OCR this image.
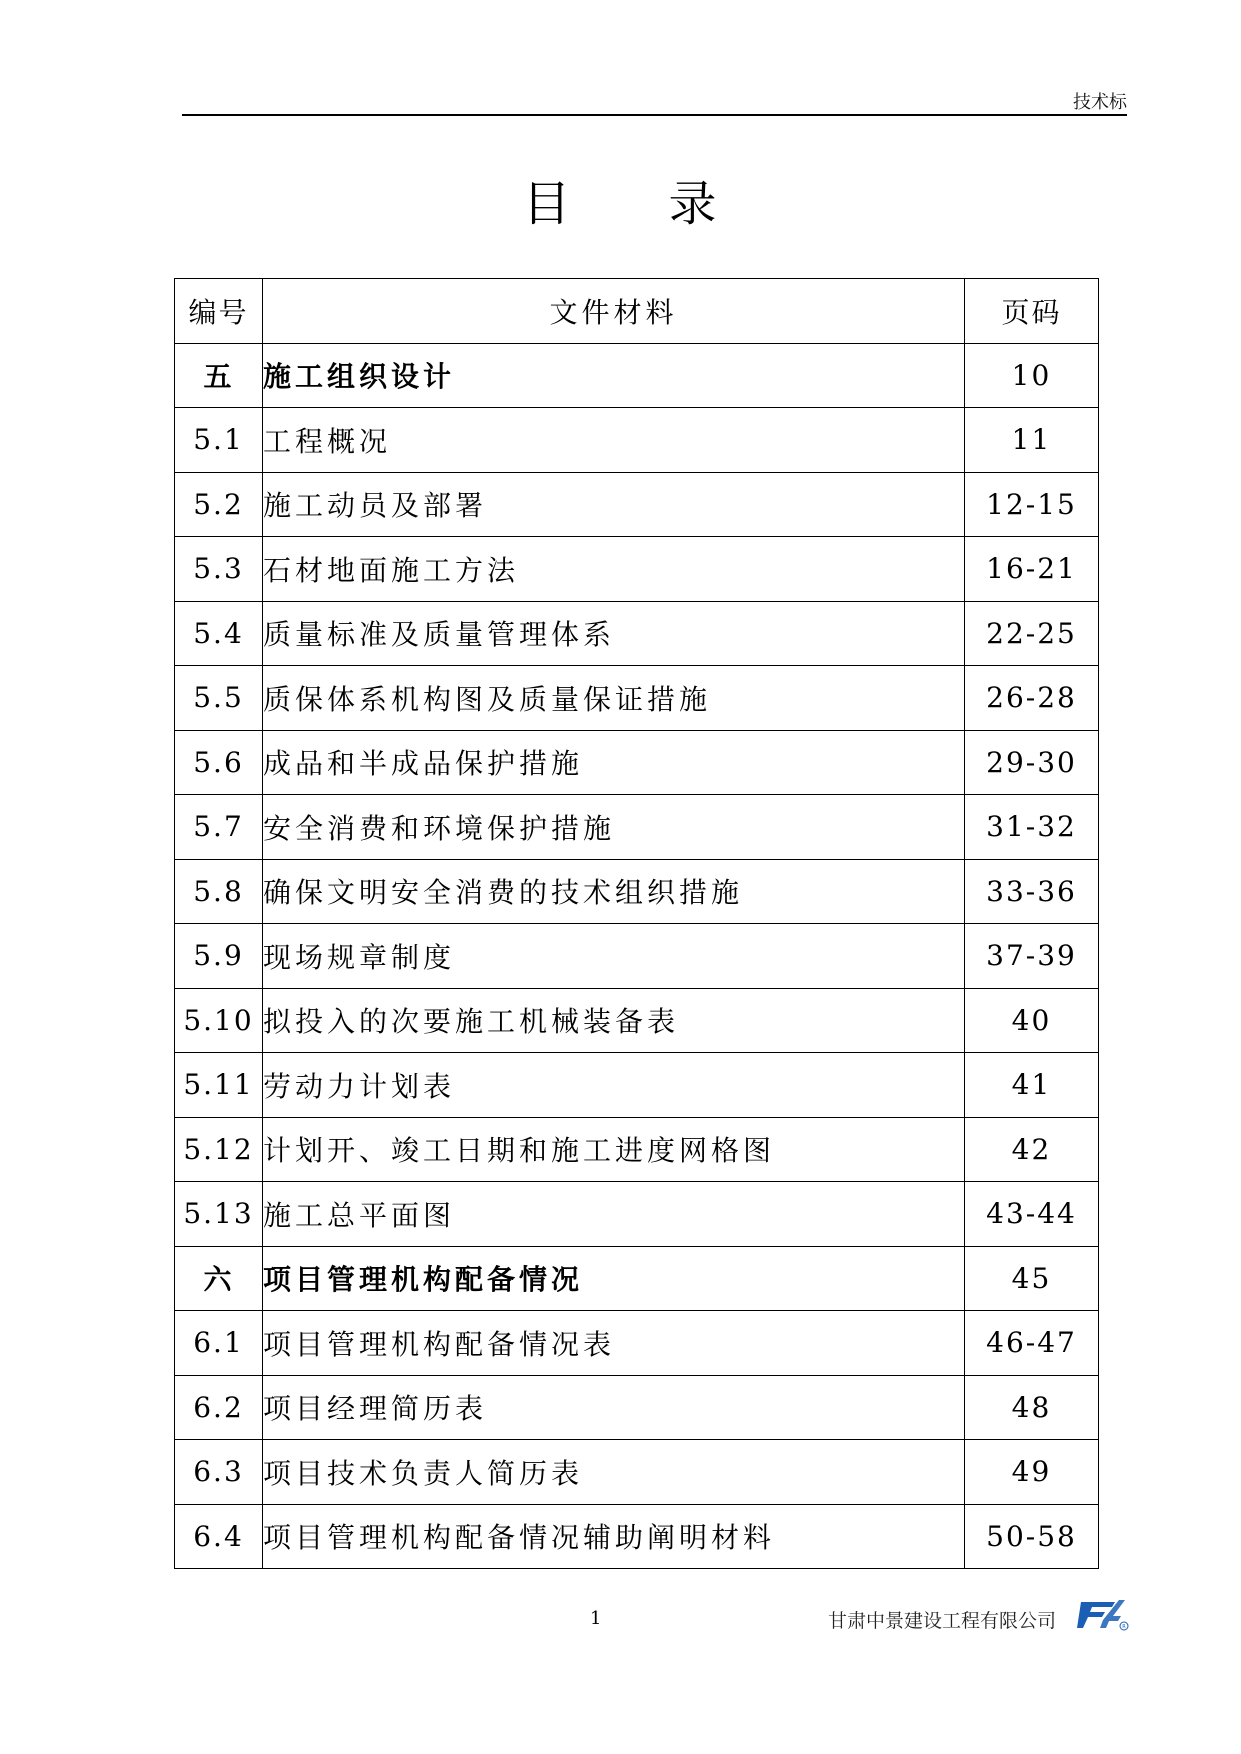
技术标
目 录
编号	文件材料	页码
五	施工组织设计	10
5.1	工程概况	11
5.2	施工动员及部署	12-15
5.3	石材地面施工方法	16-21
5.4	质量标准及质量管理体系	22-25
5.5	质保体系机构图及质量保证措施	26-28
5.6	成品和半成品保护措施	29-30
5.7	安全消费和环境保护措施	31-32
5.8	确保文明安全消费的技术组织措施	33-36
5.9	现场规章制度	37-39
5.10	拟投入的次要施工机械装备表	40
5.11	劳动力计划表	41
5.12	计划开、竣工日期和施工进度网格图	42
5.13	施工总平面图	43-44
六	项目管理机构配备情况	45
6.1	项目管理机构配备情况表	46-47
6.2	项目经理简历表	48
6.3	项目技术负责人简历表	49
6.4	项目管理机构配备情况辅助阐明材料	50-58
1	甘肃中景建设工程有限公司	R
